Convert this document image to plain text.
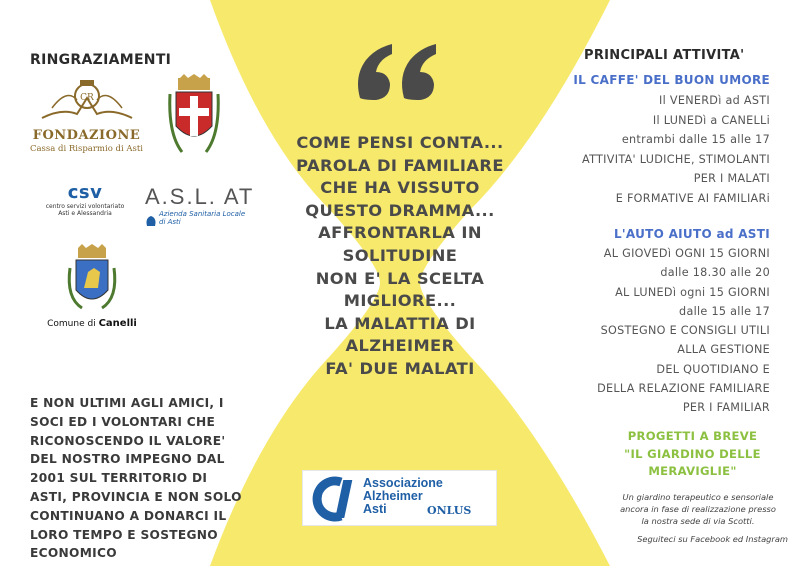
RINGRAZIAMENTI
CR
FONDAZIONE
Cassa di Risparmio di Asti
csv
centro servizi volontariato
Asti e Alessandria
A.S.L. AT
Azienda Sanitaria Locale
di Asti
Comune di Canelli
E NON ULTIMI AGLI AMICI, I
SOCI ED I VOLONTARI CHE
RICONOSCENDO IL VALORE'
DEL NOSTRO IMPEGNO DAL
2001 SUL TERRITORIO DI
ASTI, PROVINCIA E NON SOLO
CONTINUANO A DONARCI IL
LORO TEMPO E SOSTEGNO
ECONOMICO
COME PENSI CONTA...
PAROLA DI FAMILIARE
CHE HA VISSUTO
QUESTO DRAMMA...
AFFRONTARLA IN
SOLITUDINE
NON E' LA SCELTA
MIGLIORE...
LA MALATTIA DI
ALZHEIMER
FA' DUE MALATI
Associazione
Alzheimer
Asti	ONLUS
PRINCIPALI ATTIVITA'
IL CAFFE' DEL BUON UMORE
Il VENERDì ad ASTI
Il LUNEDì a CANELLi
entrambi dalle 15 alle 17
ATTIVITA' LUDICHE, STIMOLANTI
PER I MALATI
E FORMATIVE AI FAMILIARi
L'AUTO AIUTO ad ASTI
AL GIOVEDì OGNI 15 GIORNI
dalle 18.30 alle 20
AL LUNEDì ogni 15 GIORNI
dalle 15 alle 17
SOSTEGNO E CONSIGLI UTILI
ALLA GESTIONE
DEL QUOTIDIANO E
DELLA RELAZIONE FAMILIARE
PER I FAMILIAR
PROGETTI A BREVE
"IL GIARDINO DELLE
MERAVIGLIE"
Un giardino terapeutico e sensoriale
ancora in fase di realizzazione presso
la nostra sede di via Scotti.
Seguiteci su Facebook ed Instagram
